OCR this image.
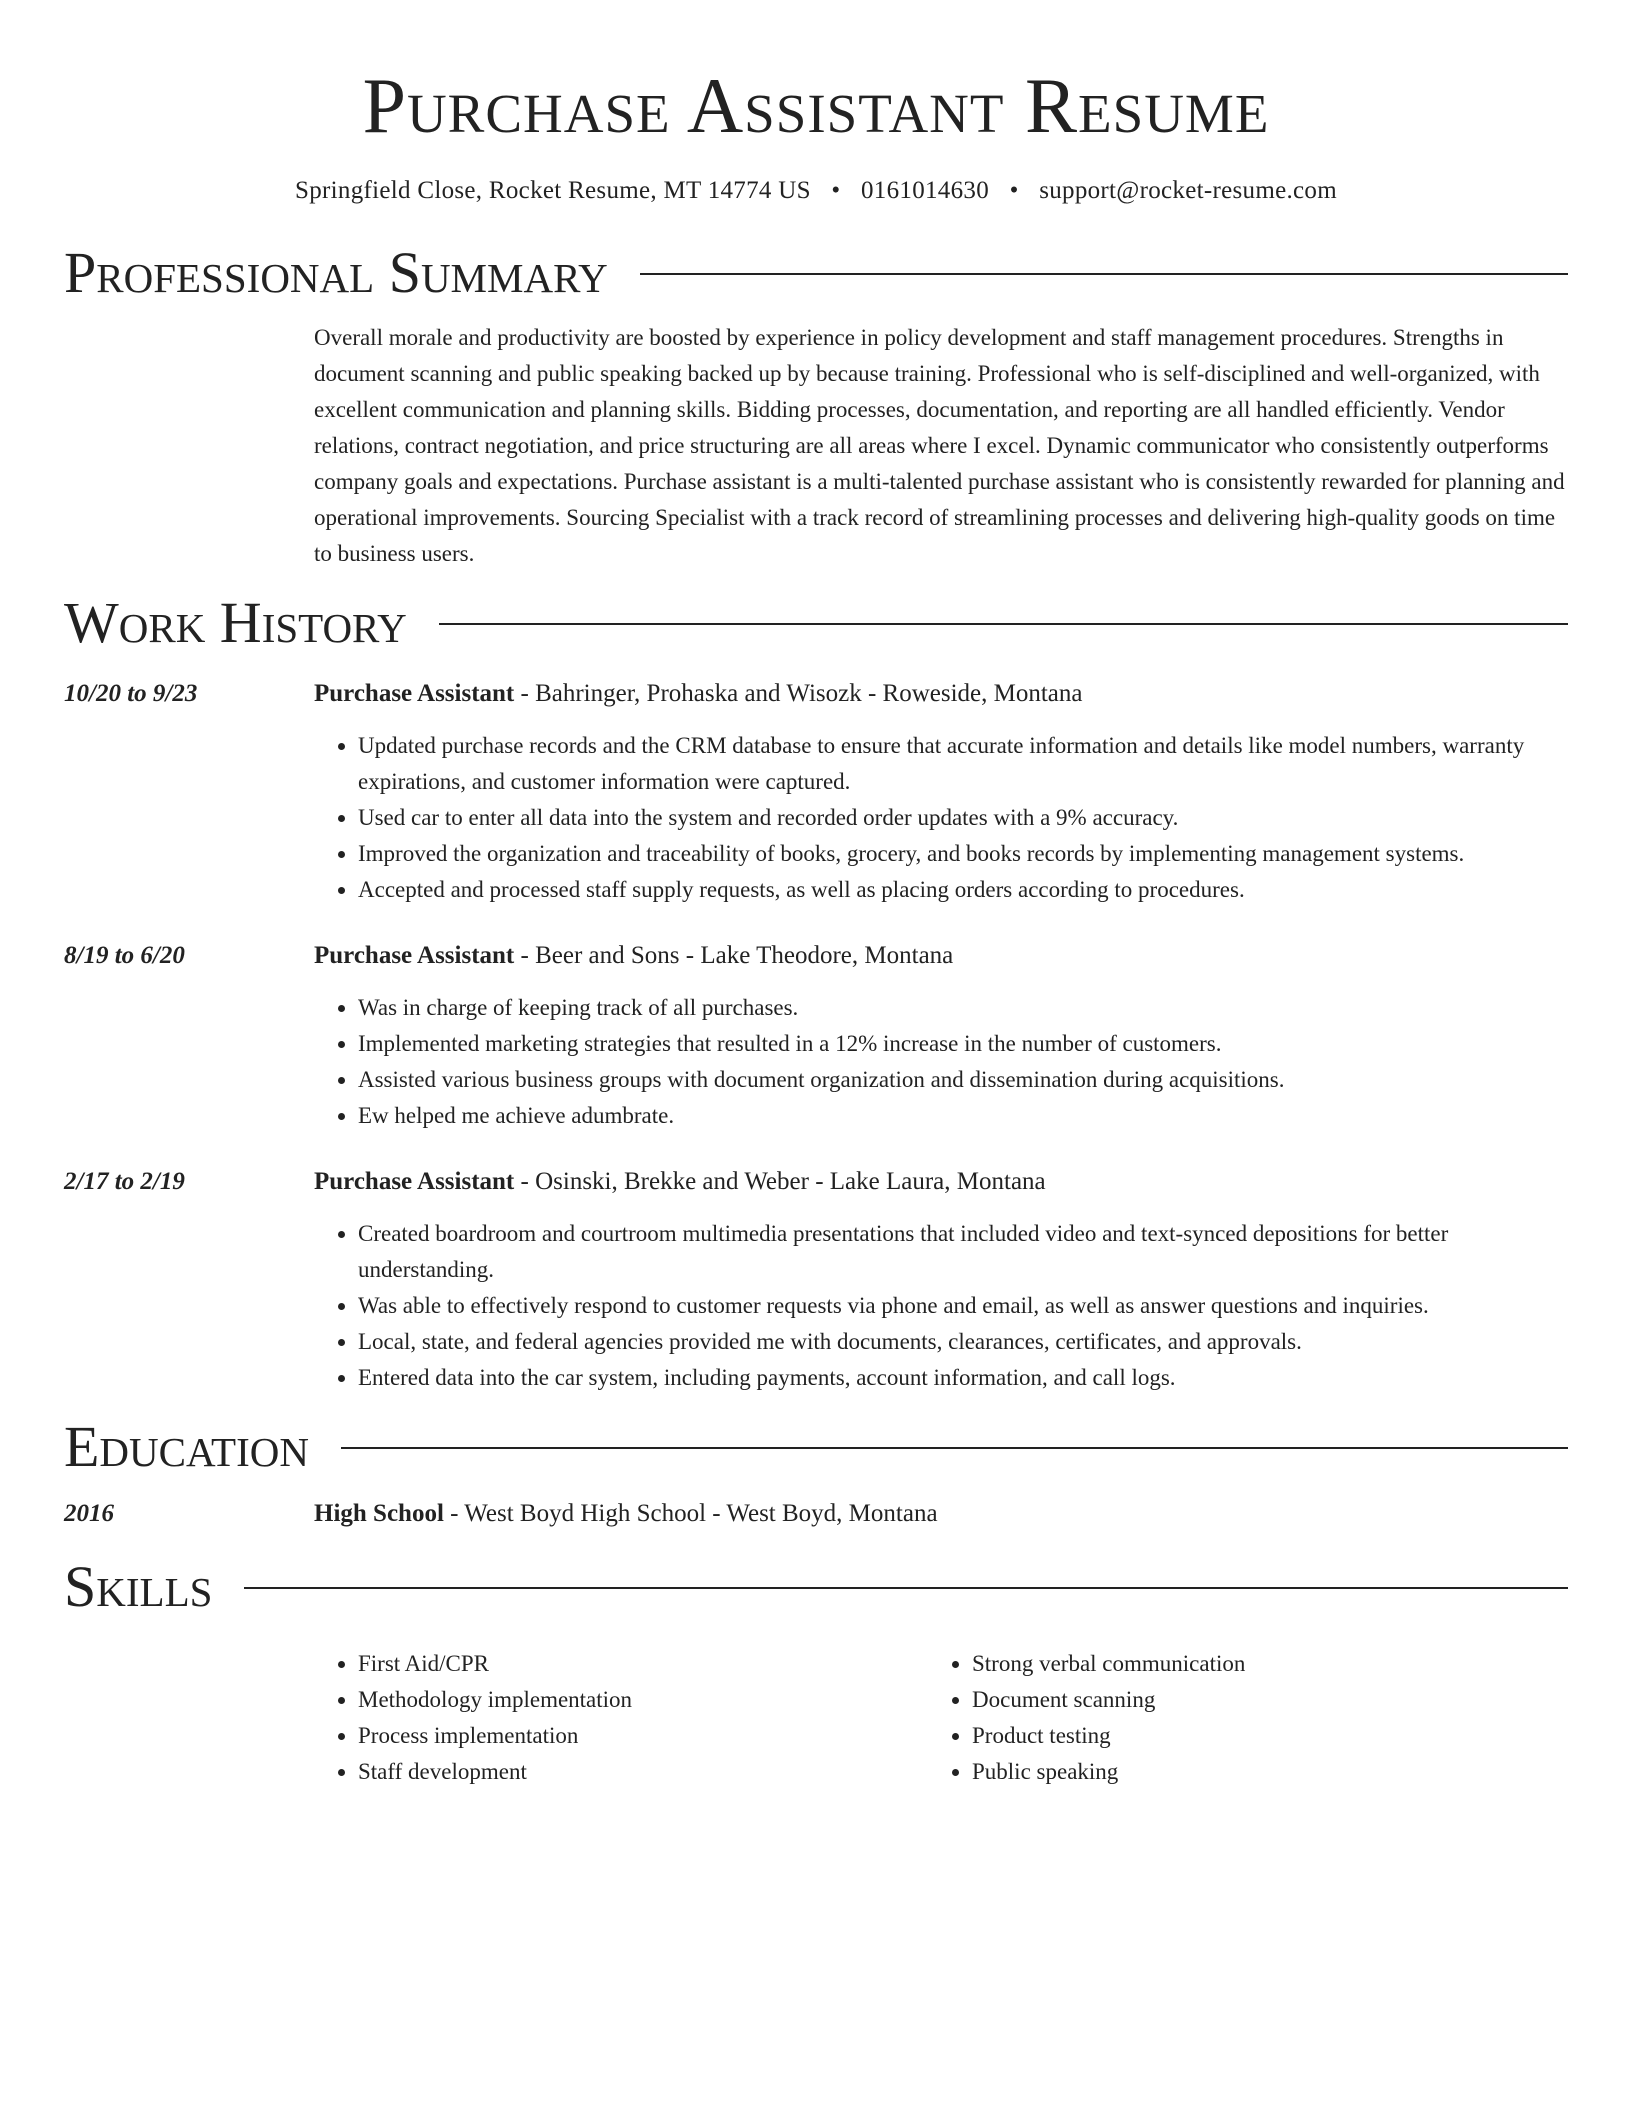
Purchase Assistant Resume
Springfield Close, Rocket Resume, MT 14774 US • 0161014630 • support@rocket-resume.com
Professional Summary
Overall morale and productivity are boosted by experience in policy development and staff management procedures. Strengths in document scanning and public speaking backed up by because training. Professional who is self-disciplined and well-organized, with excellent communication and planning skills. Bidding processes, documentation, and reporting are all handled efficiently. Vendor relations, contract negotiation, and price structuring are all areas where I excel. Dynamic communicator who consistently outperforms company goals and expectations. Purchase assistant is a multi-talented purchase assistant who is consistently rewarded for planning and operational improvements. Sourcing Specialist with a track record of streamlining processes and delivering high-quality goods on time to business users.
Work History
10/20 to 9/23	Purchase Assistant - Bahringer, Prohaska and Wisozk - Roweside, Montana
• Updated purchase records and the CRM database to ensure that accurate information and details like model numbers, warranty expirations, and customer information were captured.
• Used car to enter all data into the system and recorded order updates with a 9% accuracy.
• Improved the organization and traceability of books, grocery, and books records by implementing management systems.
• Accepted and processed staff supply requests, as well as placing orders according to procedures.
8/19 to 6/20	Purchase Assistant - Beer and Sons - Lake Theodore, Montana
• Was in charge of keeping track of all purchases.
• Implemented marketing strategies that resulted in a 12% increase in the number of customers.
• Assisted various business groups with document organization and dissemination during acquisitions.
• Ew helped me achieve adumbrate.
2/17 to 2/19	Purchase Assistant - Osinski, Brekke and Weber - Lake Laura, Montana
• Created boardroom and courtroom multimedia presentations that included video and text-synced depositions for better understanding.
• Was able to effectively respond to customer requests via phone and email, as well as answer questions and inquiries.
• Local, state, and federal agencies provided me with documents, clearances, certificates, and approvals.
• Entered data into the car system, including payments, account information, and call logs.
Education
2016	High School - West Boyd High School - West Boyd, Montana
Skills
• First Aid/CPR
• Methodology implementation
• Process implementation
• Staff development
• Strong verbal communication
• Document scanning
• Product testing
• Public speaking
